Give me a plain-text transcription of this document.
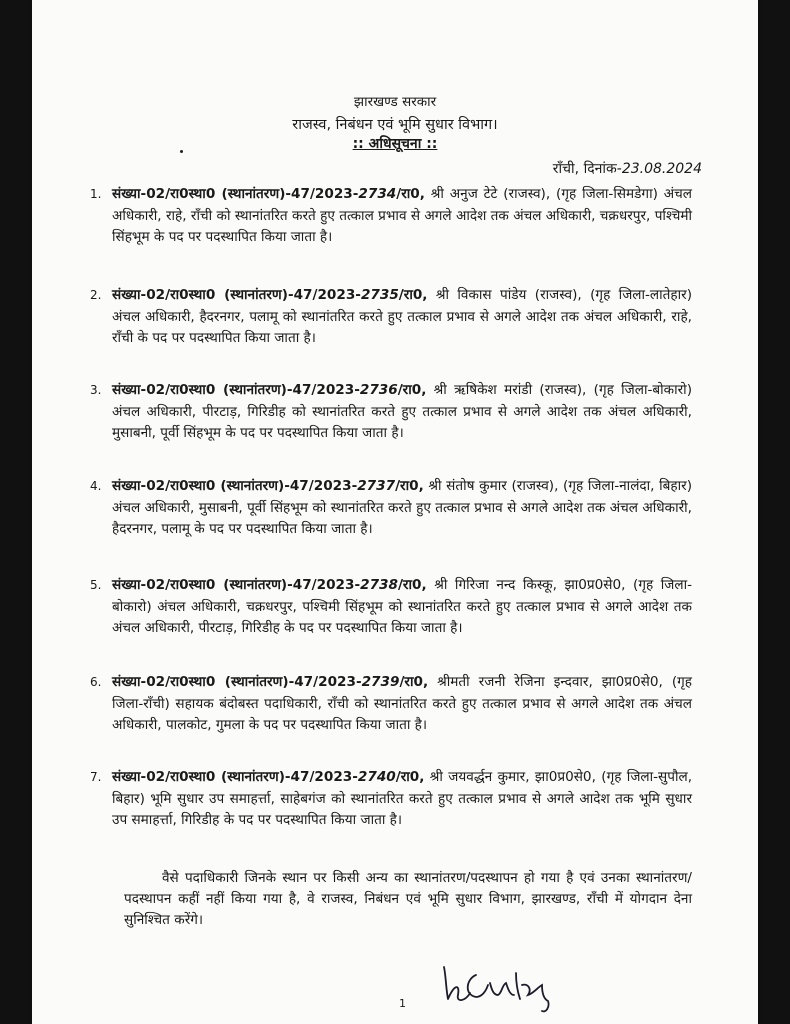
झारखण्ड सरकार
राजस्व, निबंधन एवं भूमि सुधार विभाग।
:: अधिसूचना ::
राँची, दिनांक-23.08.2024
1. संख्या-02/रा0स्था0 (स्थानांतरण)-47/2023-2734/रा0, श्री अनुज टेटे (राजस्व), (गृह जिला-सिमडेगा) अंचल अधिकारी, राहे, राँची को स्थानांतरित करते हुए तत्काल प्रभाव से अगले आदेश तक अंचल अधिकारी, चक्रधरपुर, पश्चिमी सिंहभूम के पद पर पदस्थापित किया जाता है।
2. संख्या-02/रा0स्था0 (स्थानांतरण)-47/2023-2735/रा0, श्री विकास पांडेय (राजस्व), (गृह जिला-लातेहार) अंचल अधिकारी, हैदरनगर, पलामू को स्थानांतरित करते हुए तत्काल प्रभाव से अगले आदेश तक अंचल अधिकारी, राहे, राँची के पद पर पदस्थापित किया जाता है।
3. संख्या-02/रा0स्था0 (स्थानांतरण)-47/2023-2736/रा0, श्री ऋषिकेश मरांडी (राजस्व), (गृह जिला-बोकारो) अंचल अधिकारी, पीरटाड़, गिरिडीह को स्थानांतरित करते हुए तत्काल प्रभाव से अगले आदेश तक अंचल अधिकारी, मुसाबनी, पूर्वी सिंहभूम के पद पर पदस्थापित किया जाता है।
4. संख्या-02/रा0स्था0 (स्थानांतरण)-47/2023-2737/रा0, श्री संतोष कुमार (राजस्व), (गृह जिला-नालंदा, बिहार) अंचल अधिकारी, मुसाबनी, पूर्वी सिंहभूम को स्थानांतरित करते हुए तत्काल प्रभाव से अगले आदेश तक अंचल अधिकारी, हैदरनगर, पलामू के पद पर पदस्थापित किया जाता है।
5. संख्या-02/रा0स्था0 (स्थानांतरण)-47/2023-2738/रा0, श्री गिरिजा नन्द किस्कू, झा0प्र0से0, (गृह जिला-बोकारो) अंचल अधिकारी, चक्रधरपुर, पश्चिमी सिंहभूम को स्थानांतरित करते हुए तत्काल प्रभाव से अगले आदेश तक अंचल अधिकारी, पीरटाड़, गिरिडीह के पद पर पदस्थापित किया जाता है।
6. संख्या-02/रा0स्था0 (स्थानांतरण)-47/2023-2739/रा0, श्रीमती रजनी रेजिना इन्दवार, झा0प्र0से0, (गृह जिला-राँची) सहायक बंदोबस्त पदाधिकारी, राँची को स्थानांतरित करते हुए तत्काल प्रभाव से अगले आदेश तक अंचल अधिकारी, पालकोट, गुमला के पद पर पदस्थापित किया जाता है।
7. संख्या-02/रा0स्था0 (स्थानांतरण)-47/2023-2740/रा0, श्री जयवर्द्धन कुमार, झा0प्र0से0, (गृह जिला-सुपौल, बिहार) भूमि सुधार उप समाहर्त्ता, साहेबगंज को स्थानांतरित करते हुए तत्काल प्रभाव से अगले आदेश तक भूमि सुधार उप समाहर्त्ता, गिरिडीह के पद पर पदस्थापित किया जाता है।
वैसे पदाधिकारी जिनके स्थान पर किसी अन्य का स्थानांतरण/पदस्थापन हो गया है एवं उनका स्थानांतरण/पदस्थापन कहीं नहीं किया गया है, वे राजस्व, निबंधन एवं भूमि सुधार विभाग, झारखण्ड, राँची में योगदान देना सुनिश्चित करेंगे।
1
